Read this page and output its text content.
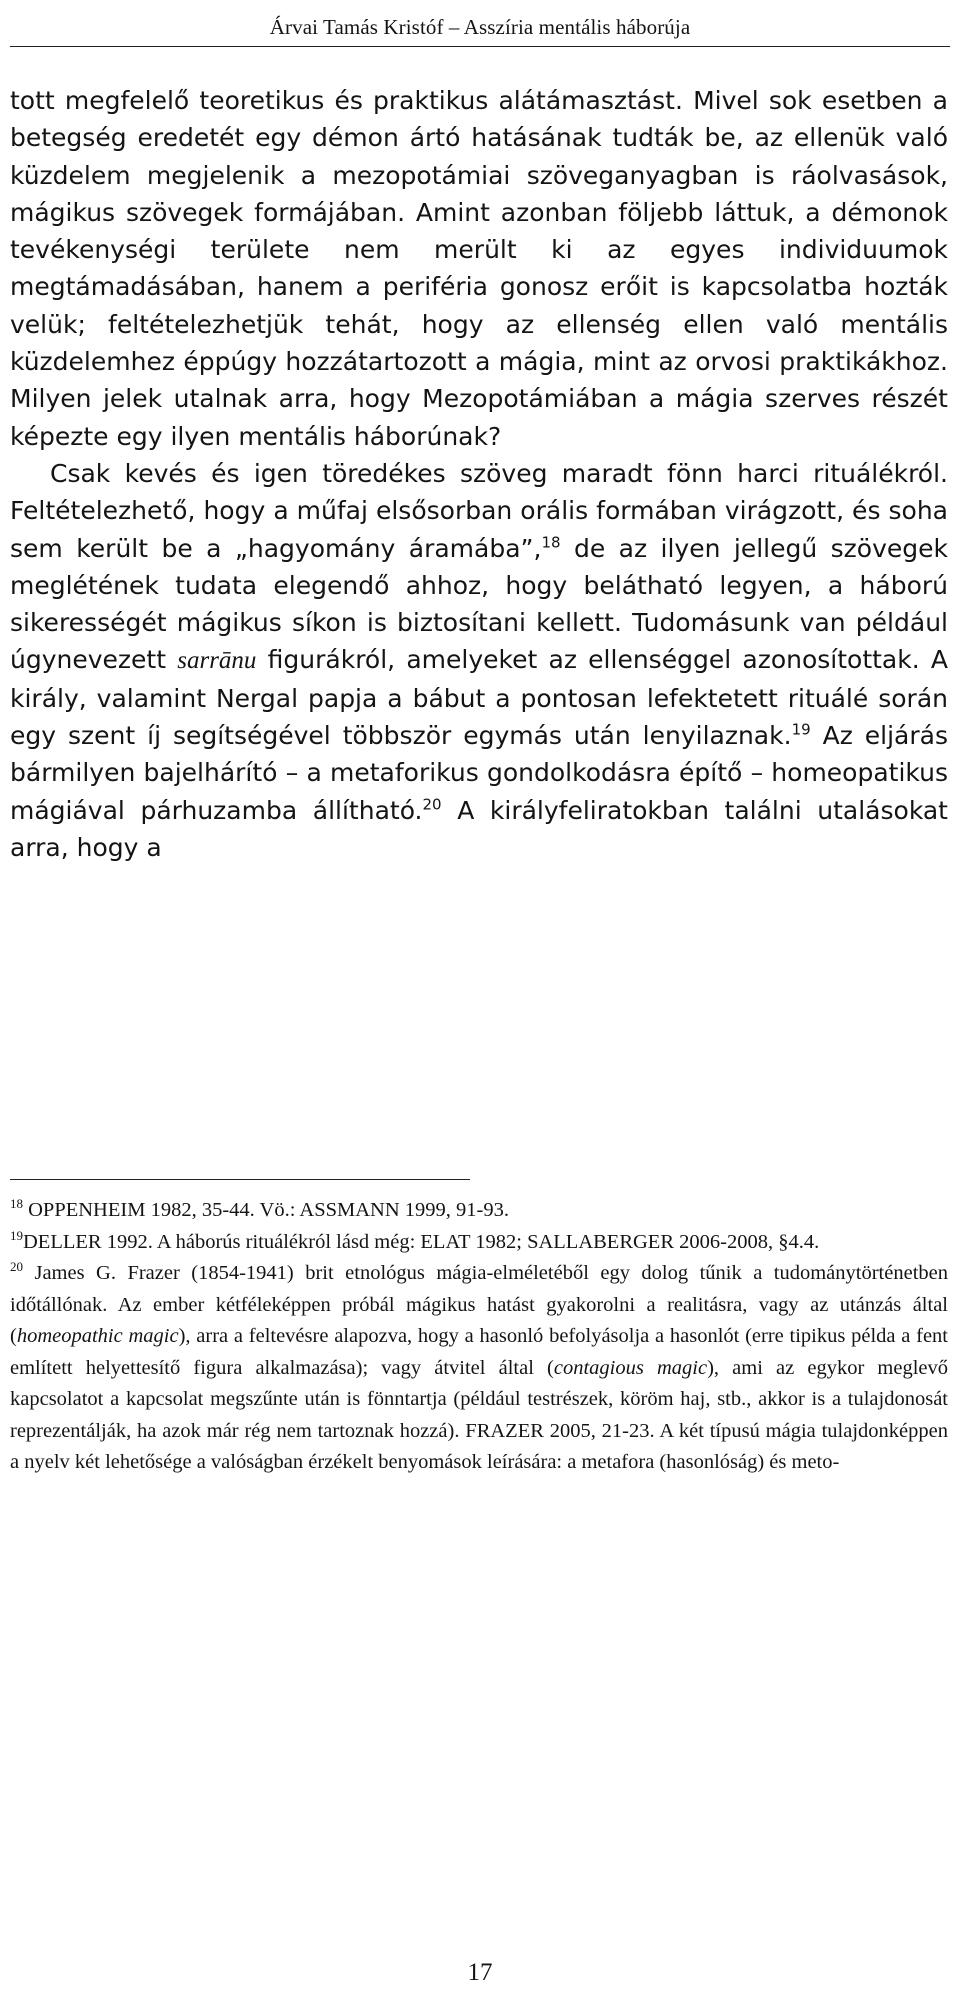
Árvai Tamás Kristóf – Asszíria mentális háborúja

tott megfelelő teoretikus és praktikus alátámasztást. Mivel sok esetben a betegség eredetét egy démon ártó hatásának tudták be, az ellenük való küzdelem megjelenik a mezopotámiai szöveganyagban is ráolvasások, mágikus szövegek formájában. Amint azonban följebb láttuk, a démonok tevékenységi területe nem merült ki az egyes individuumok megtámadásában, hanem a periféria gonosz erőit is kapcsolatba hozták velük; feltételezhetjük tehát, hogy az ellenség ellen való mentális küzdelemhez éppúgy hozzátartozott a mágia, mint az orvosi praktikákhoz. Milyen jelek utalnak arra, hogy Mezopotámiában a mágia szerves részét képezte egy ilyen mentális háborúnak?

Csak kevés és igen töredékes szöveg maradt fönn harci rituálékról. Feltételezhető, hogy a műfaj elsősorban orális formában virágzott, és soha sem került be a „hagyomány áramába”,$^{18}$ de az ilyen jellegű szövegek meglétének tudata elegendő ahhoz, hogy belátható legyen, a háború sikerességét mágikus síkon is biztosítani kellett. Tudomásunk van például úgynevezett sarrānu figurákról, amelyeket az ellenséggel azonosítottak. A király, valamint Nergal papja a bábut a pontosan lefektetett rituálé során egy szent íj segítségével többször egymás után lenyilaznak.$^{19}$ Az eljárás bármilyen bajelhárító – a metaforikus gondolkodásra építő – homeopatikus mágiával párhuzamba állítható.$^{20}$ A királyfeliratokban találni utalásokat arra, hogy a

$^{18}$ OPPENHEIM 1982, 35-44. Vö.: ASSMANN 1999, 91-93.

$^{19}$DELLER 1992. A háborús rituálékról lásd még: ELAT 1982; SALLABERGER 2006-2008, §4.4.

$^{20}$ James G. Frazer (1854-1941) brit etnológus mágia-elméletéből egy dolog tűnik a tudománytörténetben időtállónak. Az ember kétféleképpen próbál mágikus hatást gyakorolni a realitásra, vagy az utánzás által (homeopathic magic), arra a feltevésre alapozva, hogy a hasonló befolyásolja a hasonlót (erre tipikus példa a fent említett helyettesítő figura alkalmazása); vagy átvitel által (contagious magic), ami az egykor meglevő kapcsolatot a kapcsolat megszűnte után is fönntartja (például testrészek, köröm haj, stb., akkor is a tulajdonosát reprezentálják, ha azok már rég nem tartoznak hozzá). FRAZER 2005, 21-23. A két típusú mágia tulajdonképpen a nyelv két lehetősége a valóságban érzékelt benyomások leírására: a metafora (hasonlóság) és meto-

17
